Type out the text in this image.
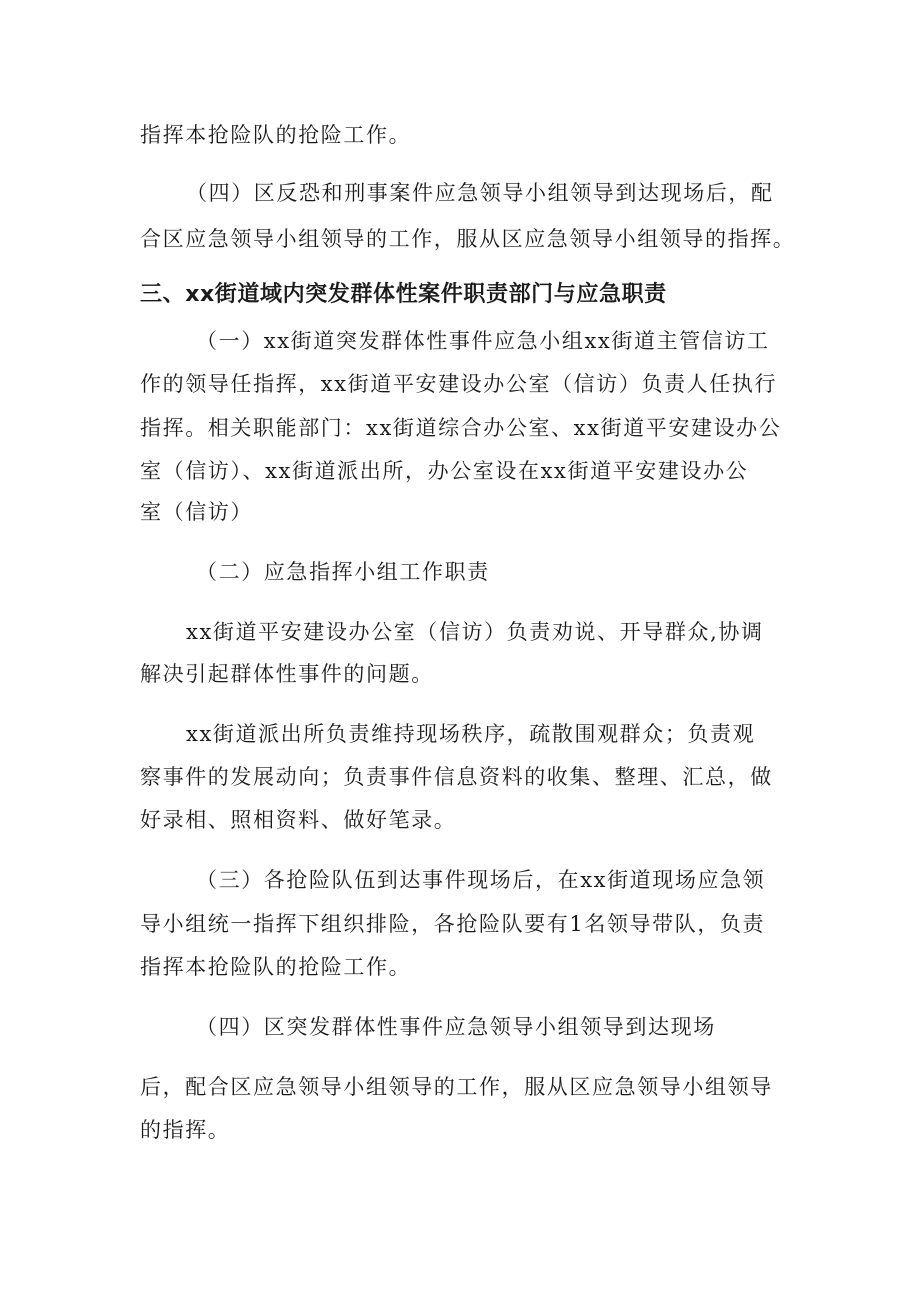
指挥本抢险队的抢险工作。
（四）区反恐和刑事案件应急领导小组领导到达现场后，配
合区应急领导小组领导的工作，服从区应急领导小组领导的指挥。
三、xx街道域内突发群体性案件职责部门与应急职责
（一）xx街道突发群体性事件应急小组xx街道主管信访工
作的领导任指挥，xx街道平安建设办公室（信访）负责人任执行
指挥。相关职能部门：xx街道综合办公室、xx街道平安建设办公
室（信访）、xx街道派出所，办公室设在xx街道平安建设办公
室（信访）
（二）应急指挥小组工作职责
xx街道平安建设办公室（信访）负责劝说、开导群众,协调
解决引起群体性事件的问题。
xx街道派出所负责维持现场秩序，疏散围观群众；负责观
察事件的发展动向；负责事件信息资料的收集、整理、汇总，做
好录相、照相资料、做好笔录。
（三）各抢险队伍到达事件现场后，在xx街道现场应急领
导小组统一指挥下组织排险，各抢险队要有1名领导带队，负责
指挥本抢险队的抢险工作。
（四）区突发群体性事件应急领导小组领导到达现场
后，配合区应急领导小组领导的工作，服从区应急领导小组领导
的指挥。
